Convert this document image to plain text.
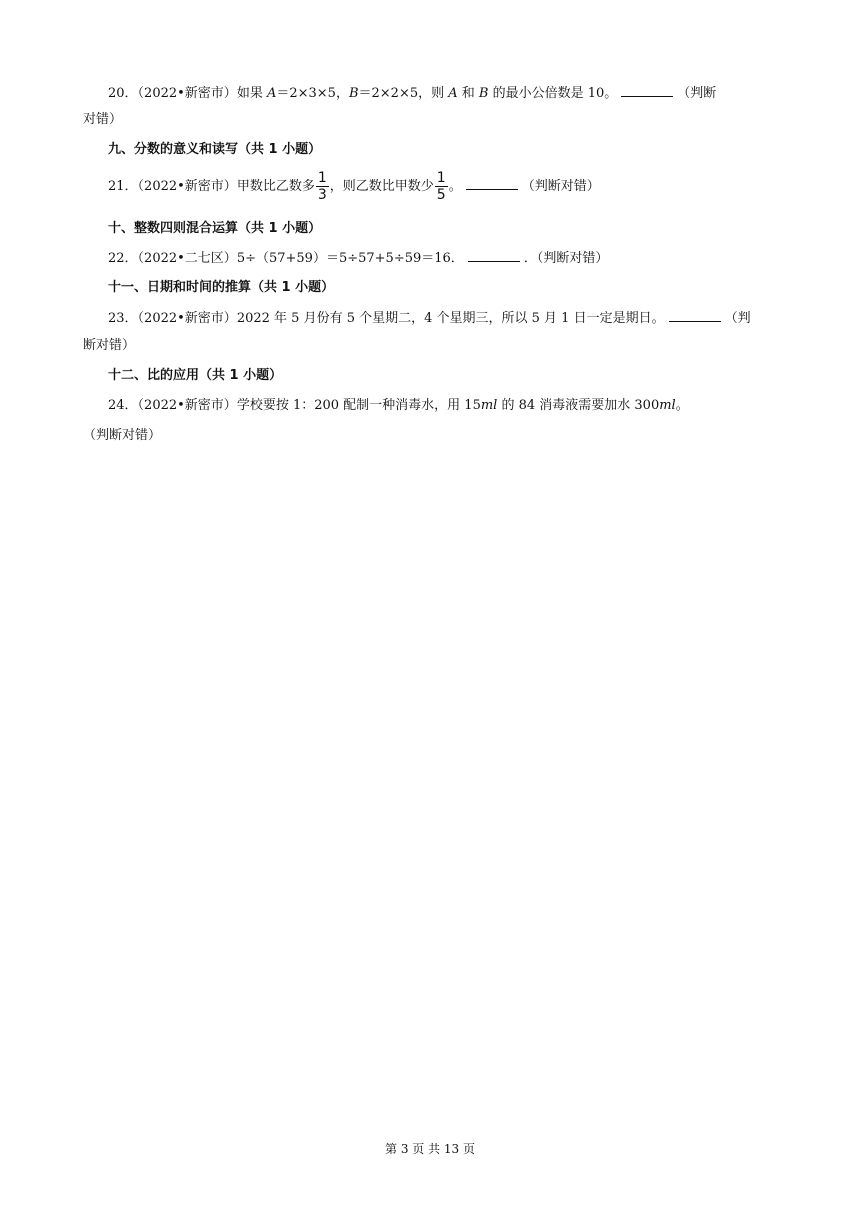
20．（2022•新密市）如果 A＝2×3×5，B＝2×2×5，则 A 和 B 的最小公倍数是 10。	（判断
对错）
九、分数的意义和读写（共 1 小题）
21．（2022•新密市）甲数比乙数多 $\frac{1}{3}$ ，则乙数比甲数少 $\frac{1}{5}$ 。	（判断对错）
十、整数四则混合运算（共 1 小题）
22．（2022•二七区）5÷（57+59）＝5÷57+5÷59＝16．	．（判断对错）
十一、日期和时间的推算（共 1 小题）
23．（2022•新密市）2022 年 5 月份有 5 个星期二，4 个星期三，所以 5 月 1 日一定是期日。	（判
断对错）
十二、比的应用（共 1 小题）
24．（2022•新密市）学校要按 1：200 配制一种消毒水，用 15ml 的 84 消毒液需要加水 300ml。
（判断对错）
第 3 页 共 13 页
